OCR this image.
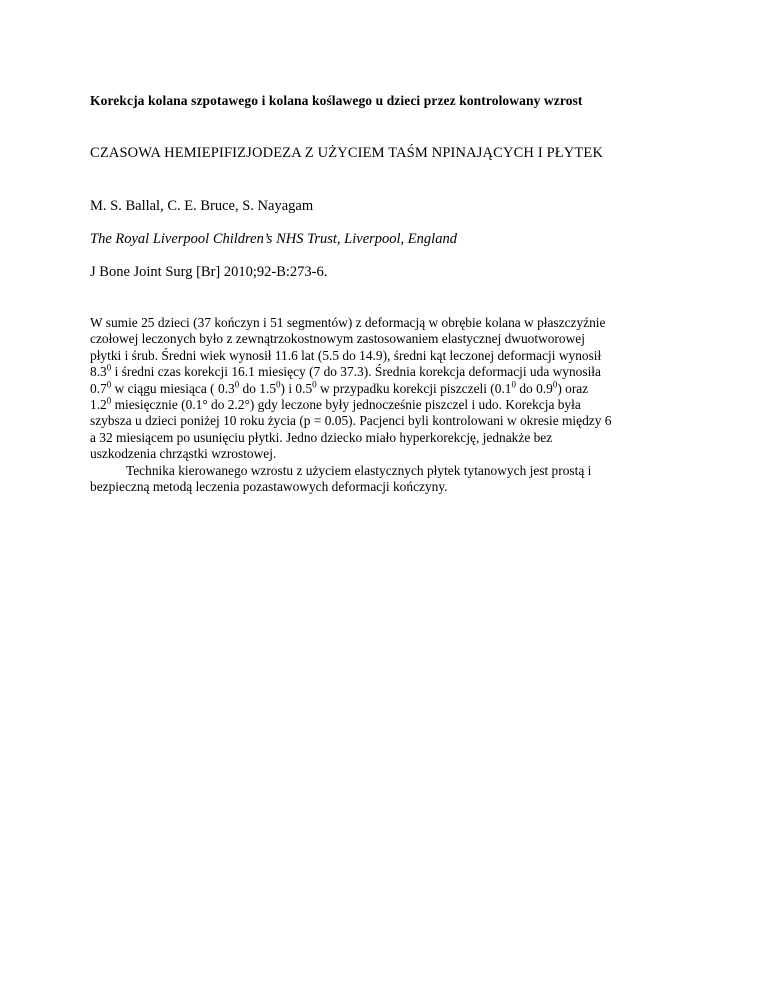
Korekcja kolana szpotawego i kolana koślawego u dzieci przez kontrolowany wzrost
CZASOWA HEMIEPIFIZJODEZA Z UŻYCIEM TAŚM NPINAJĄCYCH I PŁYTEK
M. S. Ballal, C. E. Bruce, S. Nayagam
The Royal Liverpool Children’s NHS Trust, Liverpool, England
J Bone Joint Surg [Br] 2010;92-B:273-6.
W sumie 25 dzieci (37 kończyn i 51 segmentów) z deformacją w obrębie kolana w płaszczyźnie
czołowej leczonych było z zewnątrzokostnowym zastosowaniem elastycznej dwuotworowej
płytki i śrub. Średni wiek wynosił 11.6 lat (5.5 do 14.9), średni kąt leczonej deformacji wynosił
$8.3^0$ i średni czas korekcji 16.1 miesięcy (7 do 37.3). Średnia korekcja deformacji uda wynosiła
$0.7^0$ w ciągu miesiąca ( $0.3^0$ do $1.5^0$) i $0.5^0$ w przypadku korekcji piszczeli ($0.1^0$ do $0.9^0$) oraz
$1.2^0$ miesięcznie (0.1° do 2.2°) gdy leczone były jednocześnie piszczel i udo. Korekcja była
szybsza u dzieci poniżej 10 roku życia (p = 0.05). Pacjenci byli kontrolowani w okresie między 6
a 32 miesiącem po usunięciu płytki. Jedno dziecko miało hyperkorekcję, jednakże bez
uszkodzenia chrząstki wzrostowej.
Technika kierowanego wzrostu z użyciem elastycznych płytek tytanowych jest prostą i
bezpieczną metodą leczenia pozastawowych deformacji kończyny.
